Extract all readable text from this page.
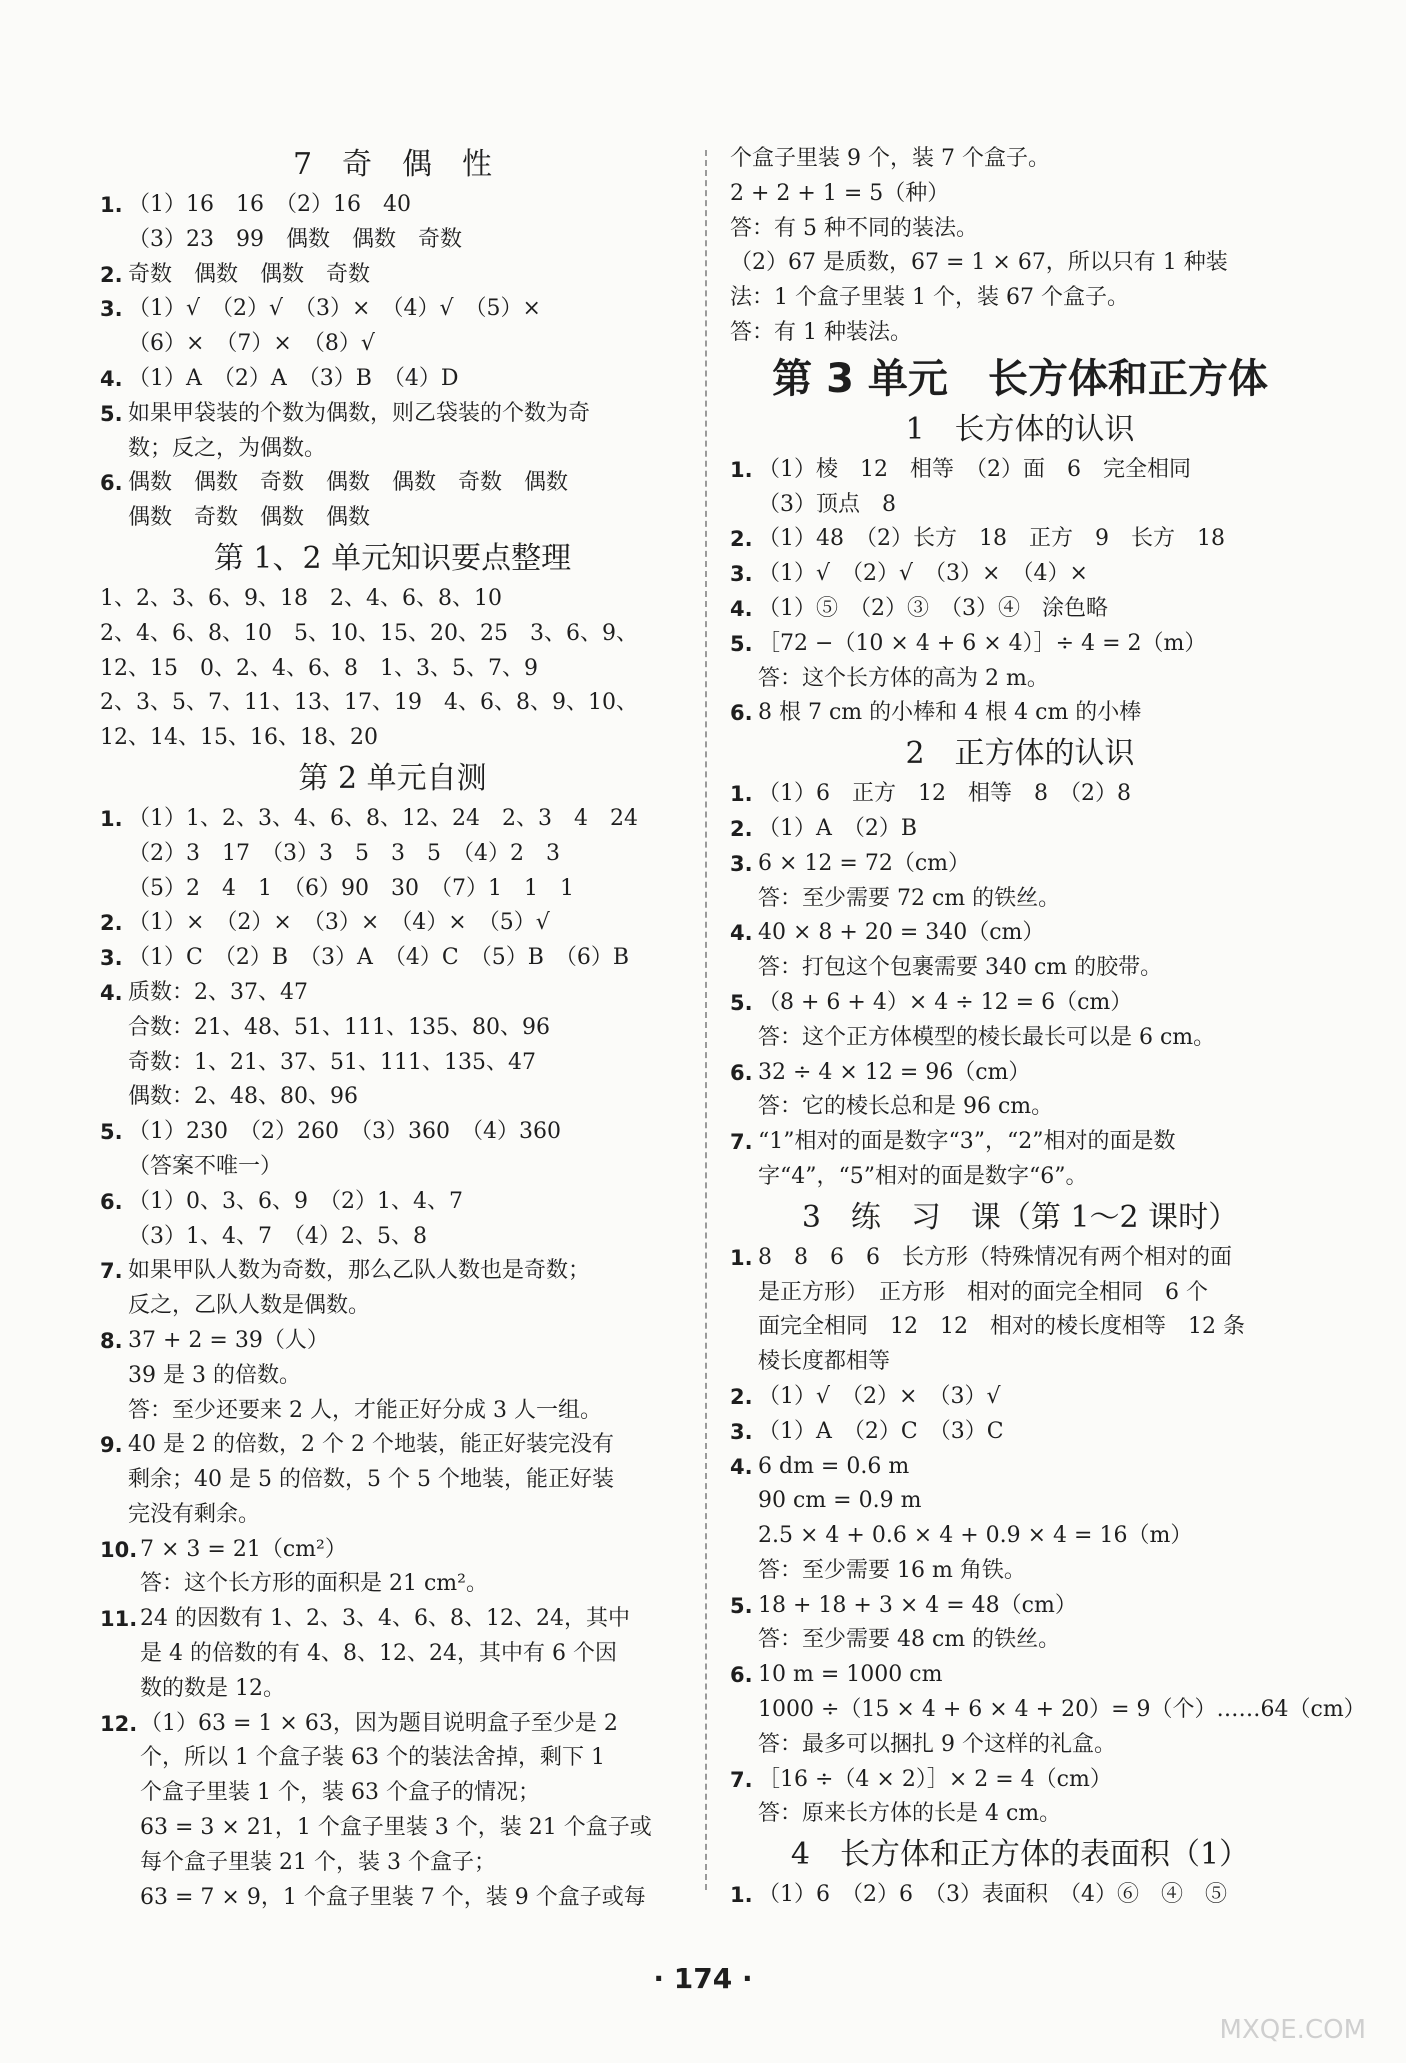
7　奇　偶　性
1. （1）16　16　（2）16　40
（3）23　99　偶数　偶数　奇数
2. 奇数　偶数　偶数　奇数
3. （1）√　（2）√　（3）×　（4）√　（5）×
（6）×　（7）×　（8）√
4. （1）A　（2）A　（3）B　（4）D
5. 如果甲袋装的个数为偶数，则乙袋装的个数为奇
数；反之，为偶数。
6. 偶数　偶数　奇数　偶数　偶数　奇数　偶数
偶数　奇数　偶数　偶数
第 1、2 单元知识要点整理
1、2、3、6、9、18　2、4、6、8、10
2、4、6、8、10　5、10、15、20、25　3、6、9、
12、15　0、2、4、6、8　1、3、5、7、9
2、3、5、7、11、13、17、19　4、6、8、9、10、
12、14、15、16、18、20
第 2 单元自测
1. （1）1、2、3、4、6、8、12、24　2、3　4　24
（2）3　17　（3）3　5　3　5　（4）2　3
（5）2　4　1　（6）90　30　（7）1　1　1
2. （1）×　（2）×　（3）×　（4）×　（5）√
3. （1）C　（2）B　（3）A　（4）C　（5）B　（6）B
4. 质数：2、37、47
合数：21、48、51、111、135、80、96
奇数：1、21、37、51、111、135、47
偶数：2、48、80、96
5. （1）230　（2）260　（3）360　（4）360
（答案不唯一）
6. （1）0、3、6、9　（2）1、4、7
（3）1、4、7　（4）2、5、8
7. 如果甲队人数为奇数，那么乙队人数也是奇数；
反之，乙队人数是偶数。
8. 37 + 2 = 39（人）
39 是 3 的倍数。
答：至少还要来 2 人，才能正好分成 3 人一组。
9. 40 是 2 的倍数，2 个 2 个地装，能正好装完没有
剩余；40 是 5 的倍数，5 个 5 个地装，能正好装
完没有剩余。
10. 7 × 3 = 21（cm²）
答：这个长方形的面积是 21 cm²。
11. 24 的因数有 1、2、3、4、6、8、12、24，其中
是 4 的倍数的有 4、8、12、24，其中有 6 个因
数的数是 12。
12. （1）63 = 1 × 63，因为题目说明盒子至少是 2
个，所以 1 个盒子装 63 个的装法舍掉，剩下 1
个盒子里装 1 个，装 63 个盒子的情况；
63 = 3 × 21，1 个盒子里装 3 个，装 21 个盒子或
每个盒子里装 21 个，装 3 个盒子；
63 = 7 × 9，1 个盒子里装 7 个，装 9 个盒子或每
个盒子里装 9 个，装 7 个盒子。
2 + 2 + 1 = 5（种）
答：有 5 种不同的装法。
（2）67 是质数，67 = 1 × 67，所以只有 1 种装
法：1 个盒子里装 1 个，装 67 个盒子。
答：有 1 种装法。
第 3 单元　长方体和正方体
1　长方体的认识
1. （1）棱　12　相等　（2）面　6　完全相同
（3）顶点　8
2. （1）48　（2）长方　18　正方　9　长方　18
3. （1）√　（2）√　（3）×　（4）×
4. （1）⑤　（2）③　（3）④　涂色略
5. ［72 −（10 × 4 + 6 × 4）］÷ 4 = 2（m）
答：这个长方体的高为 2 m。
6. 8 根 7 cm 的小棒和 4 根 4 cm 的小棒
2　正方体的认识
1. （1）6　正方　12　相等　8　（2）8
2. （1）A　（2）B
3. 6 × 12 = 72（cm）
答：至少需要 72 cm 的铁丝。
4. 40 × 8 + 20 = 340（cm）
答：打包这个包裹需要 340 cm 的胶带。
5. （8 + 6 + 4）× 4 ÷ 12 = 6（cm）
答：这个正方体模型的棱长最长可以是 6 cm。
6. 32 ÷ 4 × 12 = 96（cm）
答：它的棱长总和是 96 cm。
7. “1”相对的面是数字“3”，“2”相对的面是数
字“4”，“5”相对的面是数字“6”。
3　练　习　课（第 1～2 课时）
1. 8　8　6　6　长方形（特殊情况有两个相对的面
是正方形）　正方形　相对的面完全相同　6 个
面完全相同　12　12　相对的棱长度相等　12 条
棱长度都相等
2. （1）√　（2）×　（3）√
3. （1）A　（2）C　（3）C
4. 6 dm = 0.6 m
90 cm = 0.9 m
2.5 × 4 + 0.6 × 4 + 0.9 × 4 = 16（m）
答：至少需要 16 m 角铁。
5. 18 + 18 + 3 × 4 = 48（cm）
答：至少需要 48 cm 的铁丝。
6. 10 m = 1000 cm
1000 ÷（15 × 4 + 6 × 4 + 20）= 9（个）……64（cm）
答：最多可以捆扎 9 个这样的礼盒。
7. ［16 ÷（4 × 2）］× 2 = 4（cm）
答：原来长方体的长是 4 cm。
4　长方体和正方体的表面积（1）
1. （1）6　（2）6　（3）表面积　（4）⑥　④　⑤
· 174 ·
MXQE.COM
